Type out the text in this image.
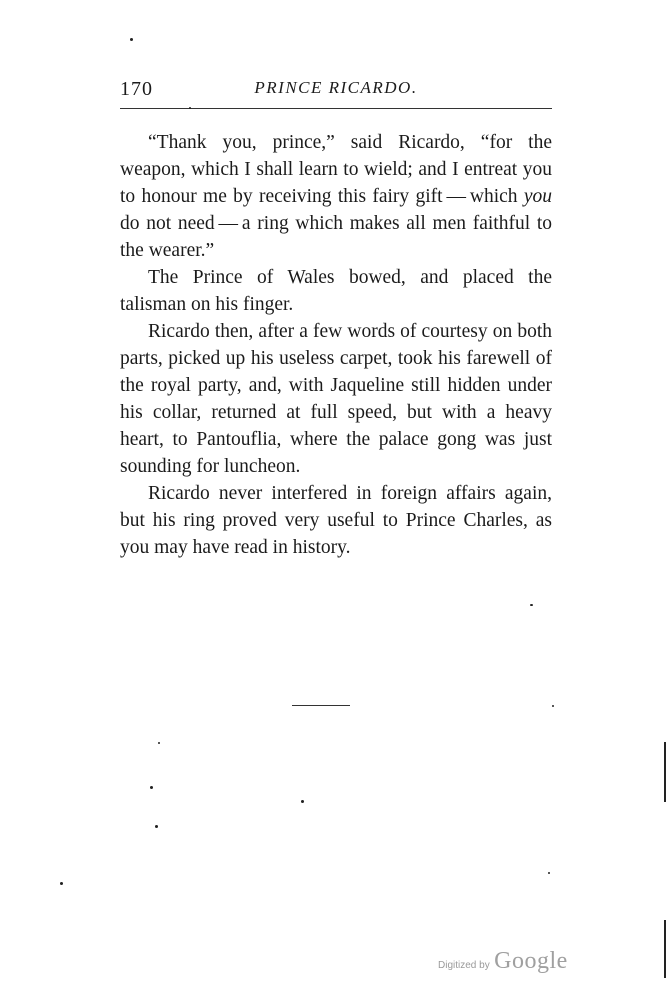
170	PRINCE RICARDO.

“Thank you, prince,” said Ricardo, “for the weapon, which I shall learn to wield; and I entreat you to honour me by receiving this fairy gift — which you do not need — a ring which makes all men faithful to the wearer.”

The Prince of Wales bowed, and placed the talisman on his finger.

Ricardo then, after a few words of courtesy on both parts, picked up his useless carpet, took his farewell of the royal party, and, with Jaqueline still hidden under his collar, returned at full speed, but with a heavy heart, to Pantouflia, where the palace gong was just sounding for luncheon.

Ricardo never interfered in foreign affairs again, but his ring proved very useful to Prince Charles, as you may have read in history.

Digitized by Google
